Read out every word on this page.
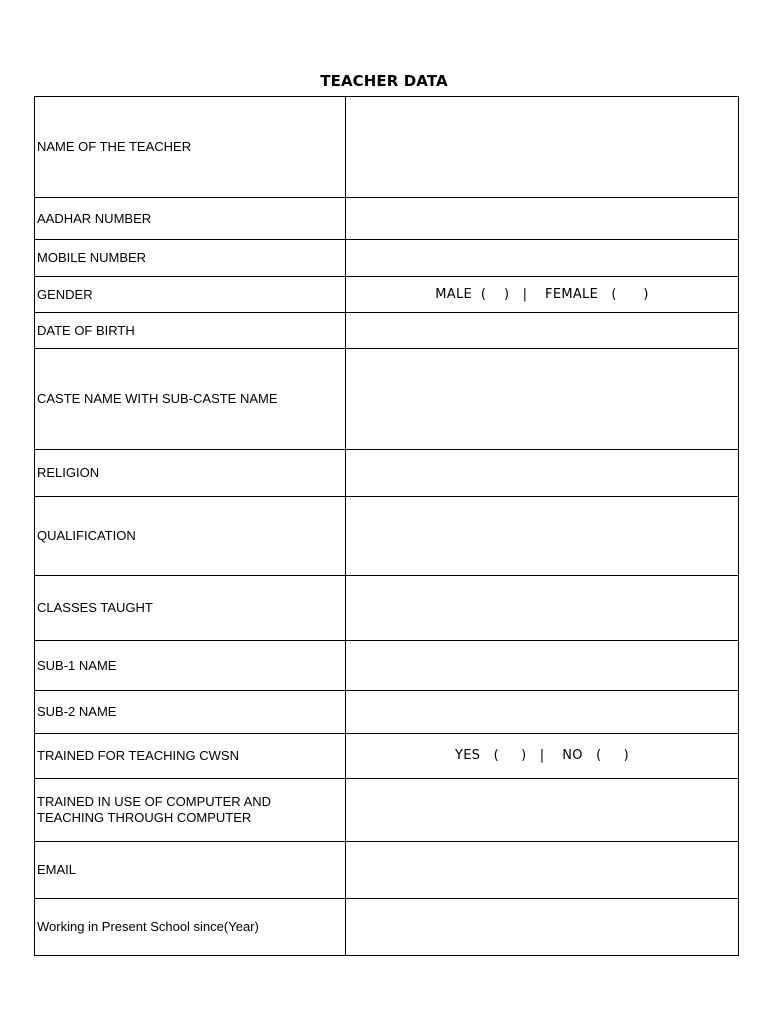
TEACHER DATA
NAME OF THE TEACHER	
AADHAR NUMBER	
MOBILE NUMBER	
GENDER	MALE  (    )   |    FEMALE   (      )
DATE OF BIRTH	
CASTE NAME WITH SUB-CASTE NAME	
RELIGION	
QUALIFICATION	
CLASSES TAUGHT	
SUB-1 NAME	
SUB-2 NAME	
TRAINED FOR TEACHING CWSN	YES   (     )   |    NO   (     )

TRAINED IN USE OF COMPUTER AND
TEACHING THROUGH COMPUTER	

EMAIL	
Working in Present School since(Year)	
